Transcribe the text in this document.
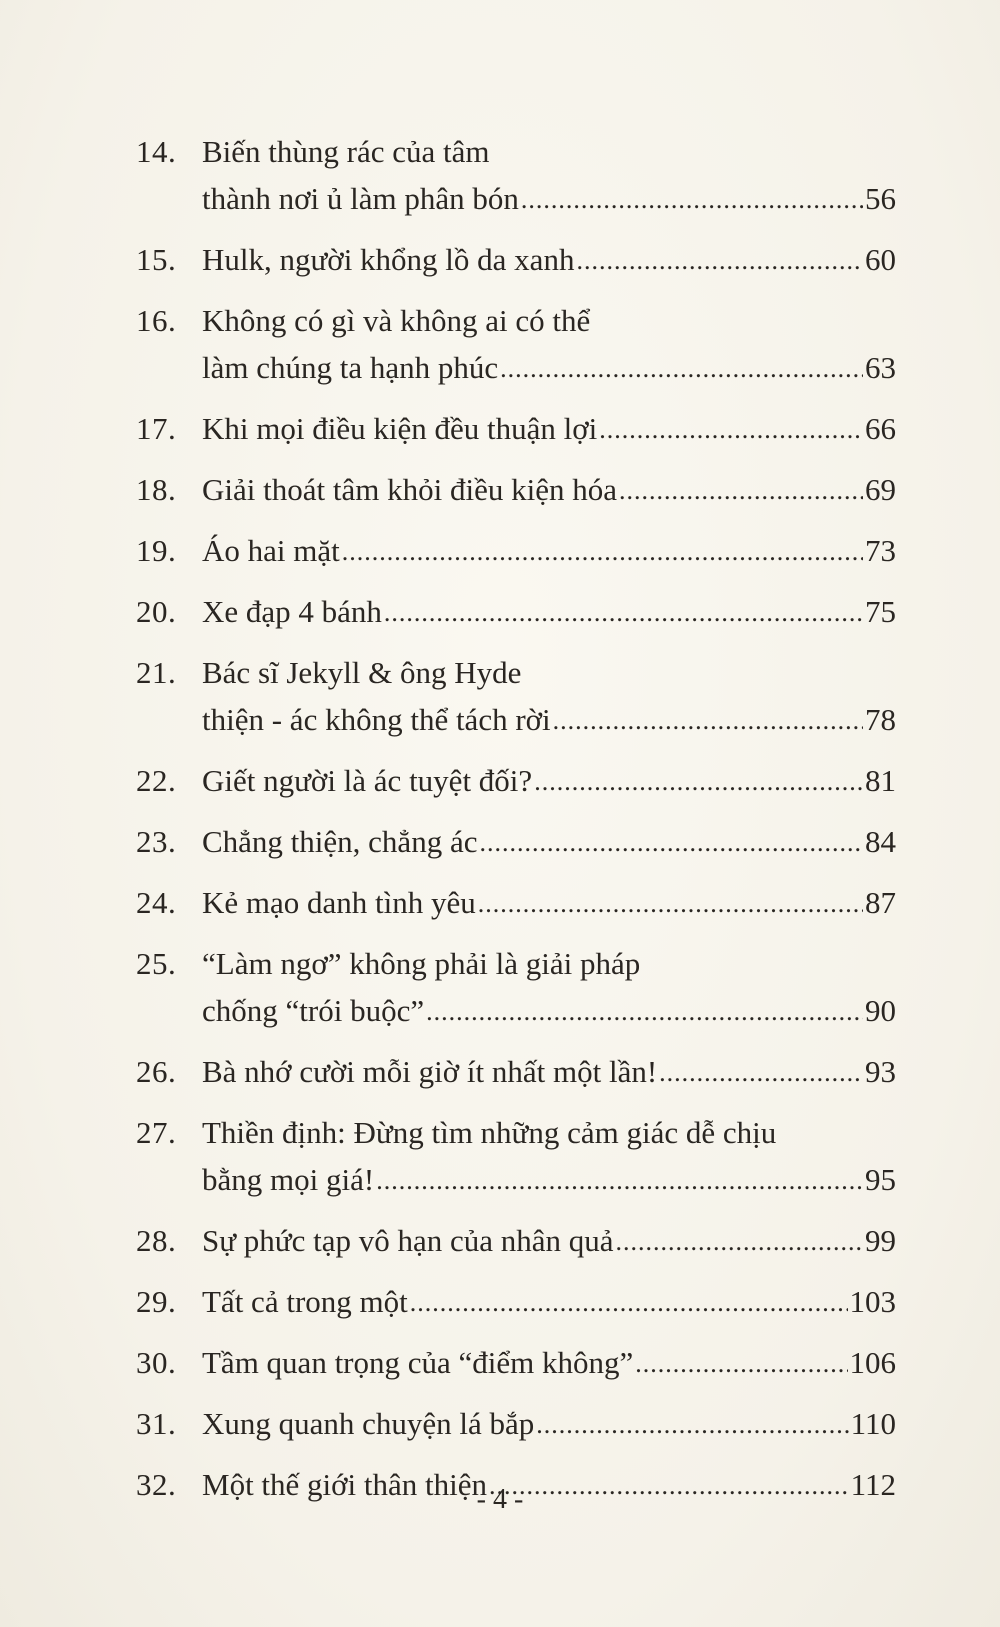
14. Biến thùng rác của tâm
thành nơi ủ làm phân bón .....	56
15. Hulk, người khổng lồ da xanh .....	60
16. Không có gì và không ai có thể
làm chúng ta hạnh phúc .....	63
17. Khi mọi điều kiện đều thuận lợi .....	66
18. Giải thoát tâm khỏi điều kiện hóa .....	69
19. Áo hai mặt .....	73
20. Xe đạp 4 bánh .....	75
21. Bác sĩ Jekyll & ông Hyde
thiện - ác không thể tách rời .....	78
22. Giết người là ác tuyệt đối? .....	81
23. Chẳng thiện, chẳng ác .....	84
24. Kẻ mạo danh tình yêu .....	87
25. “Làm ngơ” không phải là giải pháp
chống “trói buộc” .....	90
26. Bà nhớ cười mỗi giờ ít nhất một lần! .....	93
27. Thiền định: Đừng tìm những cảm giác dễ chịu
bằng mọi giá! .....	95
28. Sự phức tạp vô hạn của nhân quả .....	99
29. Tất cả trong một .....	103
30. Tầm quan trọng của “điểm không” .....	106
31. Xung quanh chuyện lá bắp .....	110
32. Một thế giới thân thiện .....	112
- 4 -
